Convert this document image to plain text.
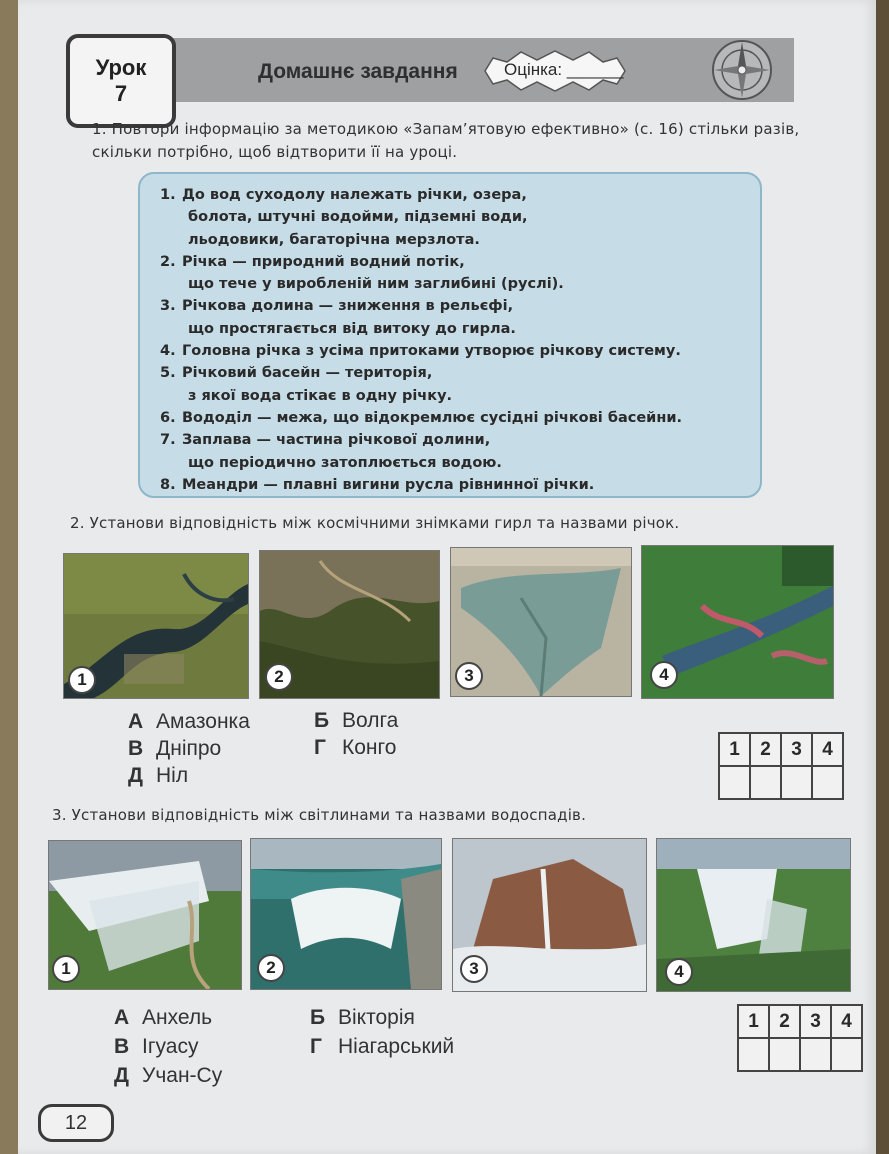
Урок
7
Домашнє завдання	Оцінка: ______
1. Повтори інформацію за методикою «Запам’ятовую ефективно» (с. 16) стільки разів, скільки потрібно, щоб відтворити її на уроці.
1. До вод суходолу належать річки, озера,
болота, штучні водойми, підземні води,
льодовики, багаторічна мерзлота.
2. Річка — природний водний потік,
що тече у виробленій ним заглибині (руслі).
3. Річкова долина — зниження в рельєфі,
що простягається від витоку до гирла.
4. Головна річка з усіма притоками утворює річкову систему.
5. Річковий басейн — територія,
з якої вода стікає в одну річку.
6. Вододіл — межа, що відокремлює сусідні річкові басейни.
7. Заплава — частина річкової долини,
що періодично затоплюється водою.
8. Меандри — плавні вигини русла рівнинної річки.
2. Установи відповідність між космічними знімками гирл та назвами річок.
1	2	3	4
А Амазонка	Б Волга
В Дніпро	Г Конго
Д Ніл
1	2	3	4

3. Установи відповідність між світлинами та назвами водоспадів.
1	2	3	4
А Анхель	Б Вікторія
В Ігуасу	Г Ніагарський
Д Учан-Су
1	2	3	4

12
